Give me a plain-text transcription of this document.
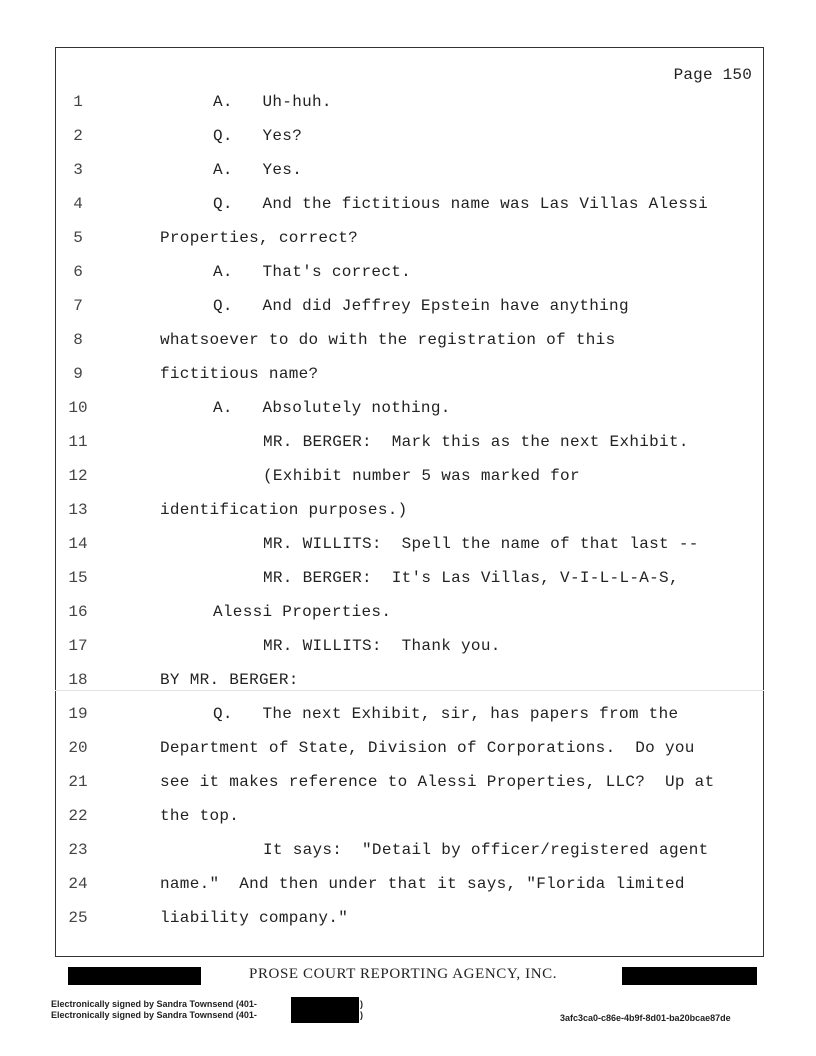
Page 150
1	A.   Uh-huh.
2	Q.   Yes?
3	A.   Yes.
4	Q.   And the fictitious name was Las Villas Alessi
5	Properties, correct?
6	A.   That's correct.
7	Q.   And did Jeffrey Epstein have anything
8	whatsoever to do with the registration of this
9	fictitious name?
10	A.   Absolutely nothing.
11	MR. BERGER:  Mark this as the next Exhibit.
12	(Exhibit number 5 was marked for
13	identification purposes.)
14	MR. WILLITS:  Spell the name of that last --
15	MR. BERGER:  It's Las Villas, V-I-L-L-A-S,
16	Alessi Properties.
17	MR. WILLITS:  Thank you.
18	BY MR. BERGER:
19	Q.   The next Exhibit, sir, has papers from the
20	Department of State, Division of Corporations.  Do you
21	see it makes reference to Alessi Properties, LLC?  Up at
22	the top.
23	It says:  "Detail by officer/registered agent
24	name."  And then under that it says, "Florida limited
25	liability company."
PROSE COURT REPORTING AGENCY, INC.
Electronically signed by Sandra Townsend (401-
Electronically signed by Sandra Townsend (401-
)
)	3afc3ca0-c86e-4b9f-8d01-ba20bcae87de
